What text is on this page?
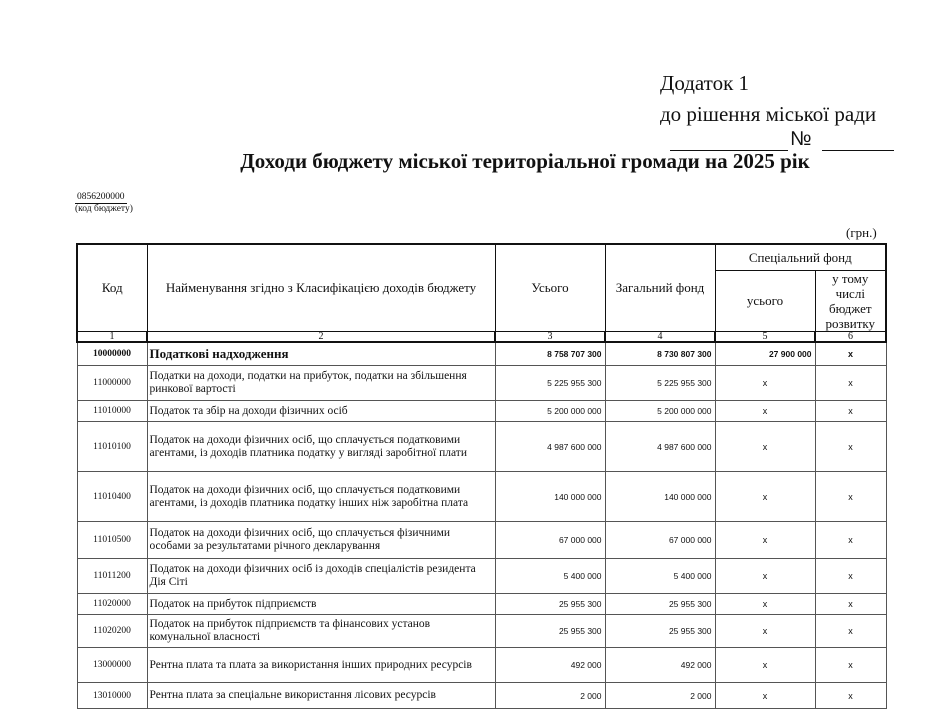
Додаток 1
до рішення міської ради
№
Доходи бюджету міської територіальної громади на 2025 рік
0856200000
(код бюджету)
(грн.)
Код	Найменування згідно з Класифікацією доходів бюджету	Усього	Загальний фонд	Спеціальний фонд	
				усього	у тому числі бюджет розвитку
1	2	3	4	5	6
10000000	Податкові надходження	8 758 707 300	8 730 807 300	27 900 000	x
11000000	Податки на доходи, податки на прибуток, податки на збільшення ринкової вартості	5 225 955 300	5 225 955 300	x	x
11010000	Податок та збір на доходи фізичних осіб	5 200 000 000	5 200 000 000	x	x
11010100	Податок на доходи фізичних осіб, що сплачується податковими агентами, із доходів платника податку у вигляді заробітної плати	4 987 600 000	4 987 600 000	x	x
11010400	Податок на доходи фізичних осіб, що сплачується податковими агентами, із доходів платника податку інших ніж заробітна плата	140 000 000	140 000 000	x	x
11010500	Податок на доходи фізичних осіб, що сплачується фізичними особами за результатами річного декларування	67 000 000	67 000 000	x	x
11011200	Податок на доходи фізичних осіб із доходів спеціалістів резидента Дія Сіті	5 400 000	5 400 000	x	x
11020000	Податок на прибуток підприємств	25 955 300	25 955 300	x	x
11020200	Податок на прибуток підприємств та фінансових установ комунальної власності	25 955 300	25 955 300	x	x
13000000	Рентна плата та плата за використання інших природних ресурсів	492 000	492 000	x	x
13010000	Рентна плата за спеціальне використання лісових ресурсів	2 000	2 000	x	x
